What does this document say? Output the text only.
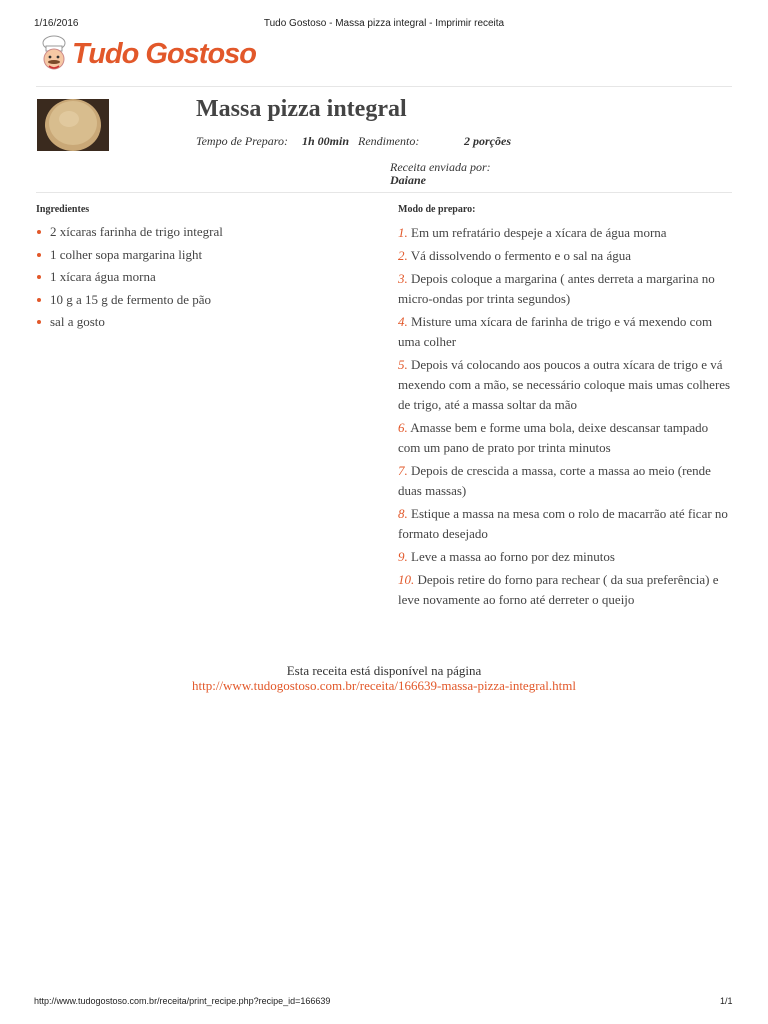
1/16/2016	Tudo Gostoso - Massa pizza integral - Imprimir receita
Tudo Gostoso
Massa pizza integral
Tempo de Preparo: 1h 00min Rendimento:	2 porções
Receita enviada por:
Daiane
Ingredientes	Modo de preparo:
2 xícaras farinha de trigo integral
1 colher sopa margarina light
1 xícara água morna
10 g a 15 g de fermento de pão
sal a gosto
1. Em um refratário despeje a xícara de água morna
2. Vá dissolvendo o fermento e o sal na água
3. Depois coloque a margarina ( antes derreta a margarina no micro-ondas por trinta segundos)
4. Misture uma xícara de farinha de trigo e vá mexendo com uma colher
5. Depois vá colocando aos poucos a outra xícara de trigo e vá mexendo com a mão, se necessário coloque mais umas colheres de trigo, até a massa soltar da mão
6. Amasse bem e forme uma bola, deixe descansar tampado com um pano de prato por trinta minutos
7. Depois de crescida a massa, corte a massa ao meio (rende duas massas)
8. Estique a massa na mesa com o rolo de macarrão até ficar no formato desejado
9. Leve a massa ao forno por dez minutos
10. Depois retire do forno para rechear ( da sua preferência) e leve novamente ao forno até derreter o queijo
Esta receita está disponível na página
http://www.tudogostoso.com.br/receita/166639-massa-pizza-integral.html
http://www.tudogostoso.com.br/receita/print_recipe.php?recipe_id=166639	1/1
